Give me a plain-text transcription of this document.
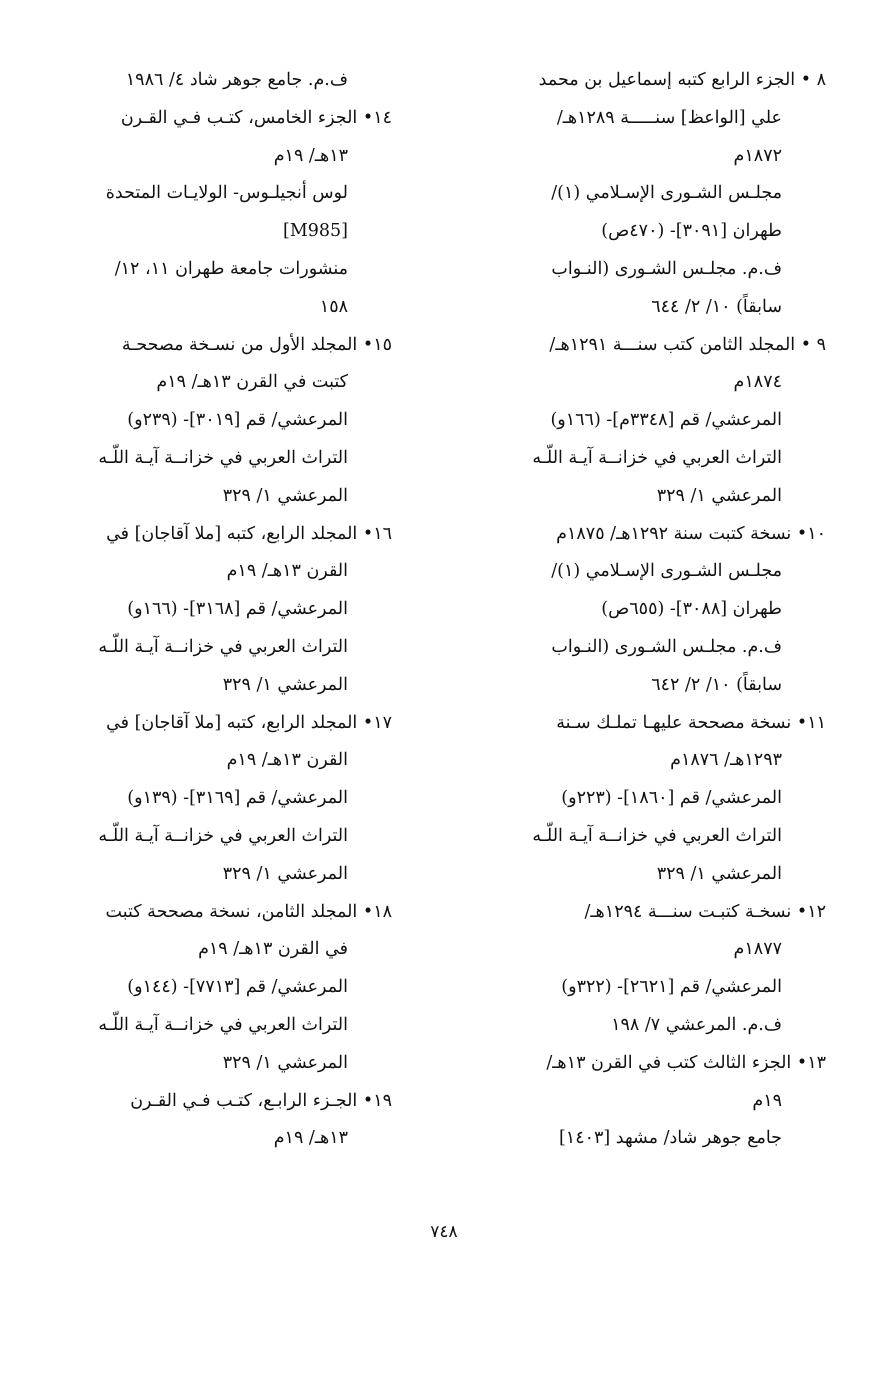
٨ • الجزء الرابع كتبه إسماعيل بن محمد
علي [الواعظ] سنـــــة ١٢٨٩هـ/
١٨٧٢م
مجلـس الشـورى الإسـلامي (١)/
طهران [٣٠٩١]- (٤٧٠ص)
ف.م. مجلـس الشـورى (النـواب
سابقاً) ١٠/ ٢/ ٦٤٤
٩ • المجلد الثامن كتب سنـــة ١٢٩١هـ/
١٨٧٤م
المرعشي/ قم [٣٣٤٨م]- (١٦٦و)
التراث العربي في خزانــة آيـة اللّـه
المرعشي ١/ ٣٢٩
١٠• نسخة كتبت سنة ١٢٩٢هـ/ ١٨٧٥م
مجلـس الشـورى الإسـلامي (١)/
طهران [٣٠٨٨]- (٦٥٥ص)
ف.م. مجلـس الشـورى (النـواب
سابقاً) ١٠/ ٢/ ٦٤٢
١١• نسخة مصححة عليهـا تملـك سـنة
١٢٩٣هـ/ ١٨٧٦م
المرعشي/ قم [١٨٦٠]- (٢٢٣و)
التراث العربي في خزانــة آيـة اللّـه
المرعشي ١/ ٣٢٩
١٢• نسخـة كتبـت سنـــة ١٢٩٤هـ/
١٨٧٧م
المرعشي/ قم [٢٦٢١]- (٣٢٢و)
ف.م. المرعشي ٧/ ١٩٨
١٣• الجزء الثالث كتب في القرن ١٣هـ/
١٩م
جامع جوهر شاد/ مشهد [١٤٠٣]
ف.م. جامع جوهر شاد ٤/ ١٩٨٦
١٤• الجزء الخامس، كتـب فـي القـرن
١٣هـ/ ١٩م
لوس أنجيلـوس- الولايـات المتحدة
[M985]
منشورات جامعة طهران ١١، ١٢/
١٥٨
١٥• المجلد الأول من نسـخة مصححـة
كتبت في القرن ١٣هـ/ ١٩م
المرعشي/ قم [٣٠١٩]- (٢٣٩و)
التراث العربي في خزانــة آيـة اللّـه
المرعشي ١/ ٣٢٩
١٦• المجلد الرابع، كتبه [ملا آقاجان] في
القرن ١٣هـ/ ١٩م
المرعشي/ قم [٣١٦٨]- (١٦٦و)
التراث العربي في خزانــة آيـة اللّـه
المرعشي ١/ ٣٢٩
١٧• المجلد الرابع، كتبه [ملا آقاجان] في
القرن ١٣هـ/ ١٩م
المرعشي/ قم [٣١٦٩]- (١٣٩و)
التراث العربي في خزانــة آيـة اللّـه
المرعشي ١/ ٣٢٩
١٨• المجلد الثامن، نسخة مصححة كتبت
في القرن ١٣هـ/ ١٩م
المرعشي/ قم [٧٧١٣]- (١٤٤و)
التراث العربي في خزانــة آيـة اللّـه
المرعشي ١/ ٣٢٩
١٩• الجـزء الرابـع، كتـب فـي القـرن
١٣هـ/ ١٩م
٧٤٨
